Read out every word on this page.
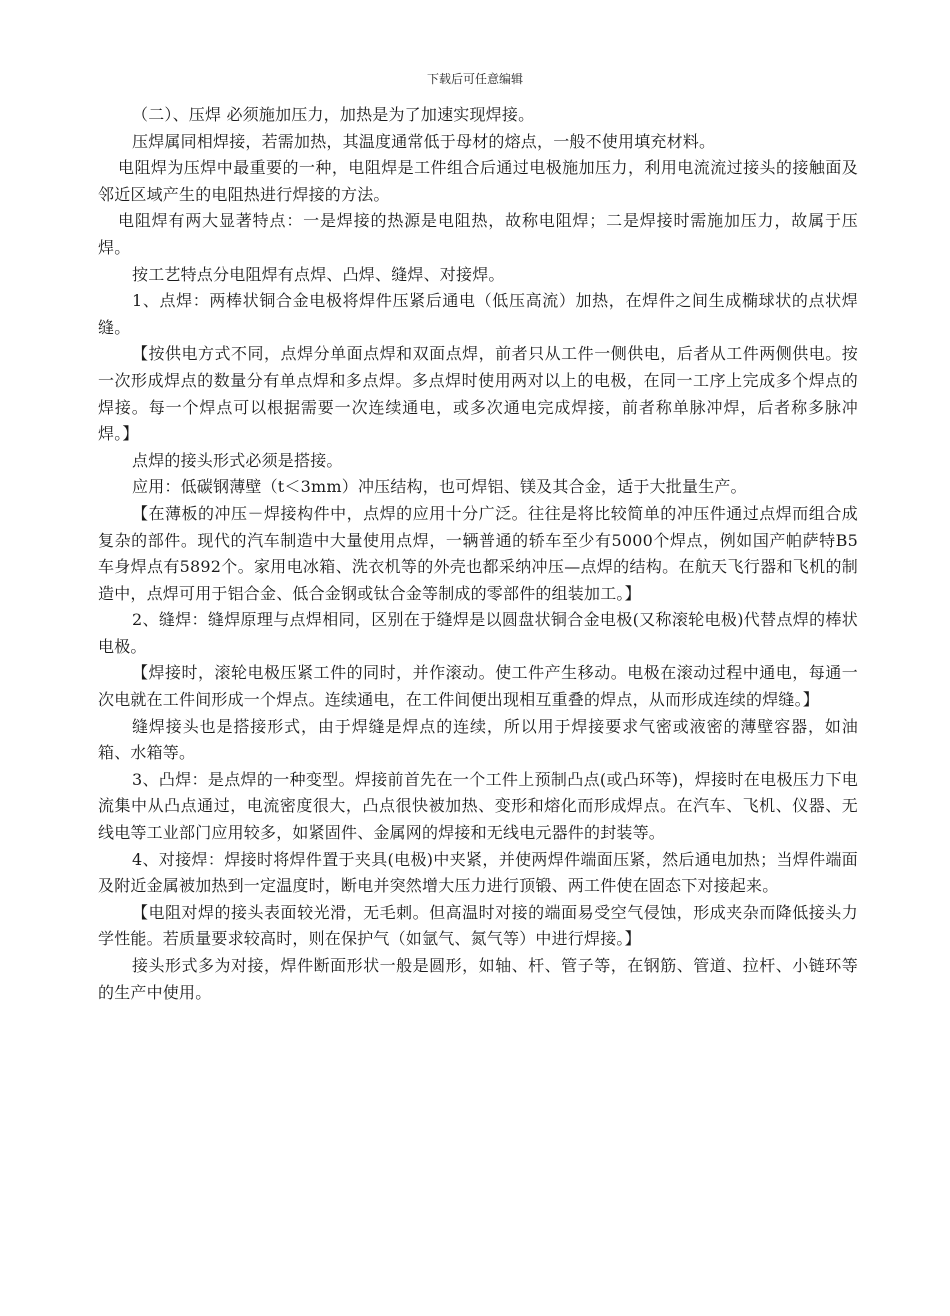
下载后可任意编辑

（二）、压焊 必须施加压力，加热是为了加速实现焊接。

压焊属同相焊接，若需加热，其温度通常低于母材的熔点，一般不使用填充材料。

电阻焊为压焊中最重要的一种，电阻焊是工件组合后通过电极施加压力，利用电流流过接头的接触面及邻近区域产生的电阻热进行焊接的方法。

电阻焊有两大显著特点：一是焊接的热源是电阻热，故称电阻焊；二是焊接时需施加压力，故属于压焊。

按工艺特点分电阻焊有点焊、凸焊、缝焊、对接焊。

1、点焊：两棒状铜合金电极将焊件压紧后通电（低压高流）加热，在焊件之间生成椭球状的点状焊缝。

【按供电方式不同，点焊分单面点焊和双面点焊，前者只从工件一侧供电，后者从工件两侧供电。按一次形成焊点的数量分有单点焊和多点焊。多点焊时使用两对以上的电极，在同一工序上完成多个焊点的焊接。每一个焊点可以根据需要一次连续通电，或多次通电完成焊接，前者称单脉冲焊，后者称多脉冲焊。】

点焊的接头形式必须是搭接。

应用：低碳钢薄壁（t＜3mm）冲压结构，也可焊铝、镁及其合金，适于大批量生产。

【在薄板的冲压－焊接构件中，点焊的应用十分广泛。往往是将比较简单的冲压件通过点焊而组合成复杂的部件。现代的汽车制造中大量使用点焊，一辆普通的轿车至少有5000个焊点，例如国产帕萨特B5车身焊点有5892个。家用电冰箱、洗衣机等的外壳也都采纳冲压—点焊的结构。在航天飞行器和飞机的制造中，点焊可用于铝合金、低合金钢或钛合金等制成的零部件的组装加工。】

2、缝焊：缝焊原理与点焊相同，区别在于缝焊是以圆盘状铜合金电极(又称滚轮电极)代替点焊的棒状电极。

【焊接时，滚轮电极压紧工件的同时，并作滚动。使工件产生移动。电极在滚动过程中通电，每通一次电就在工件间形成一个焊点。连续通电，在工件间便出现相互重叠的焊点，从而形成连续的焊缝。】

缝焊接头也是搭接形式，由于焊缝是焊点的连续，所以用于焊接要求气密或液密的薄壁容器，如油箱、水箱等。

3、凸焊：是点焊的一种变型。焊接前首先在一个工件上预制凸点(或凸环等)，焊接时在电极压力下电流集中从凸点通过，电流密度很大，凸点很快被加热、变形和熔化而形成焊点。在汽车、飞机、仪器、无线电等工业部门应用较多，如紧固件、金属网的焊接和无线电元器件的封装等。

4、对接焊：焊接时将焊件置于夹具(电极)中夹紧，并使两焊件端面压紧，然后通电加热；当焊件端面及附近金属被加热到一定温度时，断电并突然增大压力进行顶锻、两工件使在固态下对接起来。

【电阻对焊的接头表面较光滑，无毛刺。但高温时对接的端面易受空气侵蚀，形成夹杂而降低接头力学性能。若质量要求较高时，则在保护气（如氩气、氮气等）中进行焊接。】

接头形式多为对接，焊件断面形状一般是圆形，如轴、杆、管子等，在钢筋、管道、拉杆、小链环等的生产中使用。
